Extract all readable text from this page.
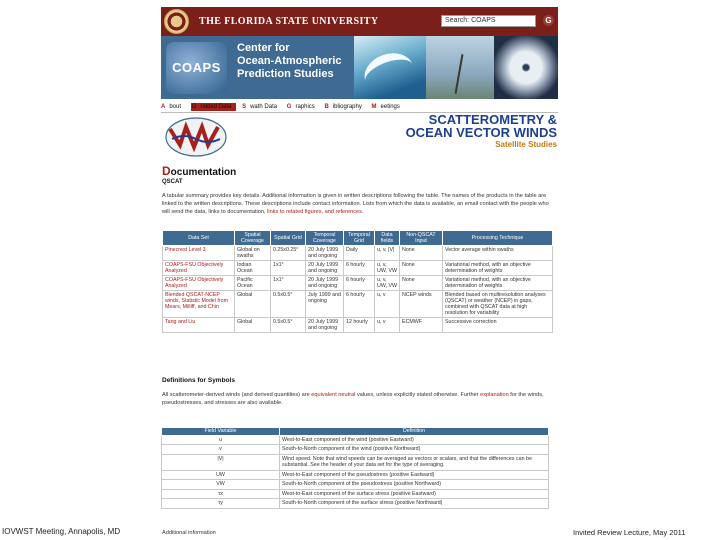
THE FLORIDA STATE UNIVERSITY	Search: COAPS	G
COAPS
Center for
Ocean-Atmospheric
Prediction Studies
A bout G ridded Data S wath Data G raphics B ibliography M eetings
SCATTEROMETRY &
OCEAN VECTOR WINDS
Satellite Studies
Documentation
QSCAT
A tabular summary provides key details. Additional information is given in written descriptions following the table. The names of the products in the table are linked to the written descriptions. These descriptions include contact information. Lists from which the data is available, an email contact with the people who will send the data, links to documentation, links to related figures, and references.
Data Set	Spatial Coverage	Spatial Grid	Temporal Coverage	Temporal Grid	Data fields	Non-QSCAT Input	Processing Technique
Pinecrest Level 3	Global on swaths	0.25x0.25°	20 July 1999 and ongoing	Daily	u, v, |V|	None	Vector average within swaths
COAPS-FSU Objectively Analyzed	Indian Ocean	1x1°	20 July 1999 and ongoing	6 hourly	u, v, UW, VW	None	Variational method, with an objective determination of weights
COAPS-FSU Objectively Analyzed	Pacific Ocean	1x1°	20 July 1999 and ongoing	6 hourly	u, v, UW, VW	None	Variational method, with an objective determination of weights
Blended QSCAT-NCEP winds, Statistic Model from Mears, Milliff, and Chin	Global	0.5x0.5°	July 1999 and ongoing	6 hourly	u, v	NCEP winds	Blended based on multiresolution analyses (QSCAT) or weather (NCEP) in gaps, combined with QSCAT data at high resolution for variability
Tang and Liu	Global	0.5x0.5°	20 July 1999 and ongoing	12 hourly	u, v	ECMWF	Successive correction
Definitions for Symbols
All scatterometer-derived winds (and derived quantities) are equivalent neutral values, unless explicitly stated otherwise. Further explanation for the winds, pseudostresses, and stresses are also available.
Field Variable	Definition
u	West-to-East component of the wind (positive Eastward)
v	South-to-North component of the wind (positive Northward)
|V|	Wind speed. Note that wind speeds can be averaged as vectors or scalars, and that the differences can be substantial. See the header of your data set for the type of averaging.
UW	West-to-East component of the pseudostress (positive Eastward)
VW	South-to-North component of the pseudostress (positive Northward)
τx	West-to-East component of the surface stress (positive Eastward)
τy	South-to-North component of the surface stress (positive Northward)
Additional information
IOVWST Meeting, Annapolis, MD	Invited Review Lecture, May 2011
